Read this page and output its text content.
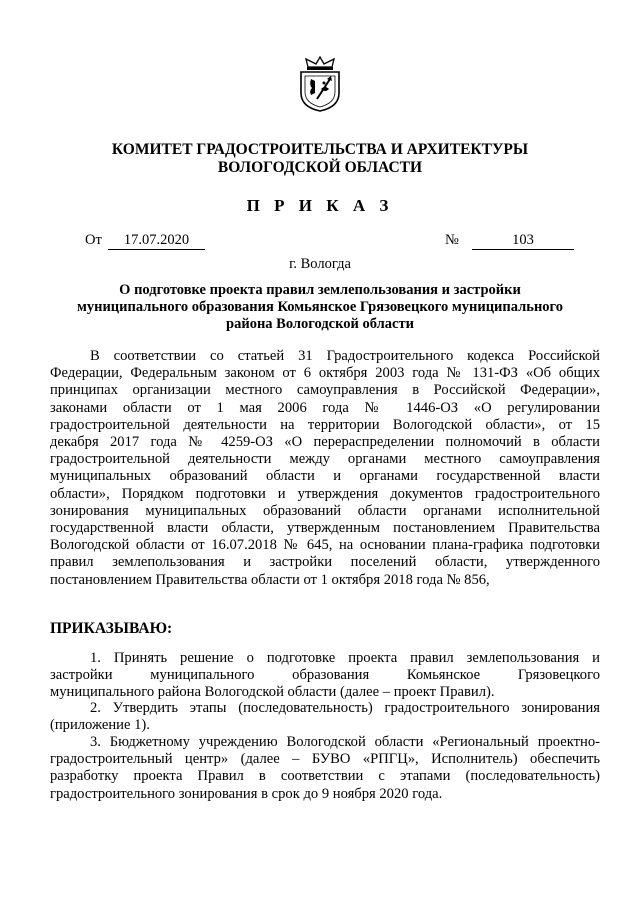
КОМИТЕТ ГРАДОСТРОИТЕЛЬСТВА И АРХИТЕКТУРЫ
ВОЛОГОДСКОЙ ОБЛАСТИ
П Р И К А З
От	17.07.2020	№	103
г. Вологда
О подготовке проекта правил землепользования и застройки
муниципального образования Комьянское Грязовецкого муниципального
района Вологодской области
В соответствии со статьей 31 Градостроительного кодекса Российской
Федерации, Федеральным законом от 6 октября 2003 года № 131-ФЗ «Об общих
принципах организации местного самоуправления в Российской Федерации»,
законами области от 1 мая 2006 года № 1446-ОЗ «О регулировании
градостроительной деятельности на территории Вологодской области», от 15
декабря 2017 года № 4259-ОЗ «О перераспределении полномочий в области
градостроительной деятельности между органами местного самоуправления
муниципальных образований области и органами государственной власти
области», Порядком подготовки и утверждения документов градостроительного
зонирования муниципальных образований области органами исполнительной
государственной власти области, утвержденным постановлением Правительства
Вологодской области от 16.07.2018 № 645, на основании плана-графика подготовки
правил землепользования и застройки поселений области, утвержденного
постановлением Правительства области от 1 октября 2018 года № 856,
ПРИКАЗЫВАЮ:
1. Принять решение о подготовке проекта правил землепользования и
застройки муниципального образования Комьянское Грязовецкого
муниципального района Вологодской области (далее – проект Правил).
2. Утвердить этапы (последовательность) градостроительного зонирования
(приложение 1).
3. Бюджетному учреждению Вологодской области «Региональный проектно-
градостроительный центр» (далее – БУВО «РПГЦ», Исполнитель) обеспечить
разработку проекта Правил в соответствии с этапами (последовательность)
градостроительного зонирования в срок до 9 ноября 2020 года.
